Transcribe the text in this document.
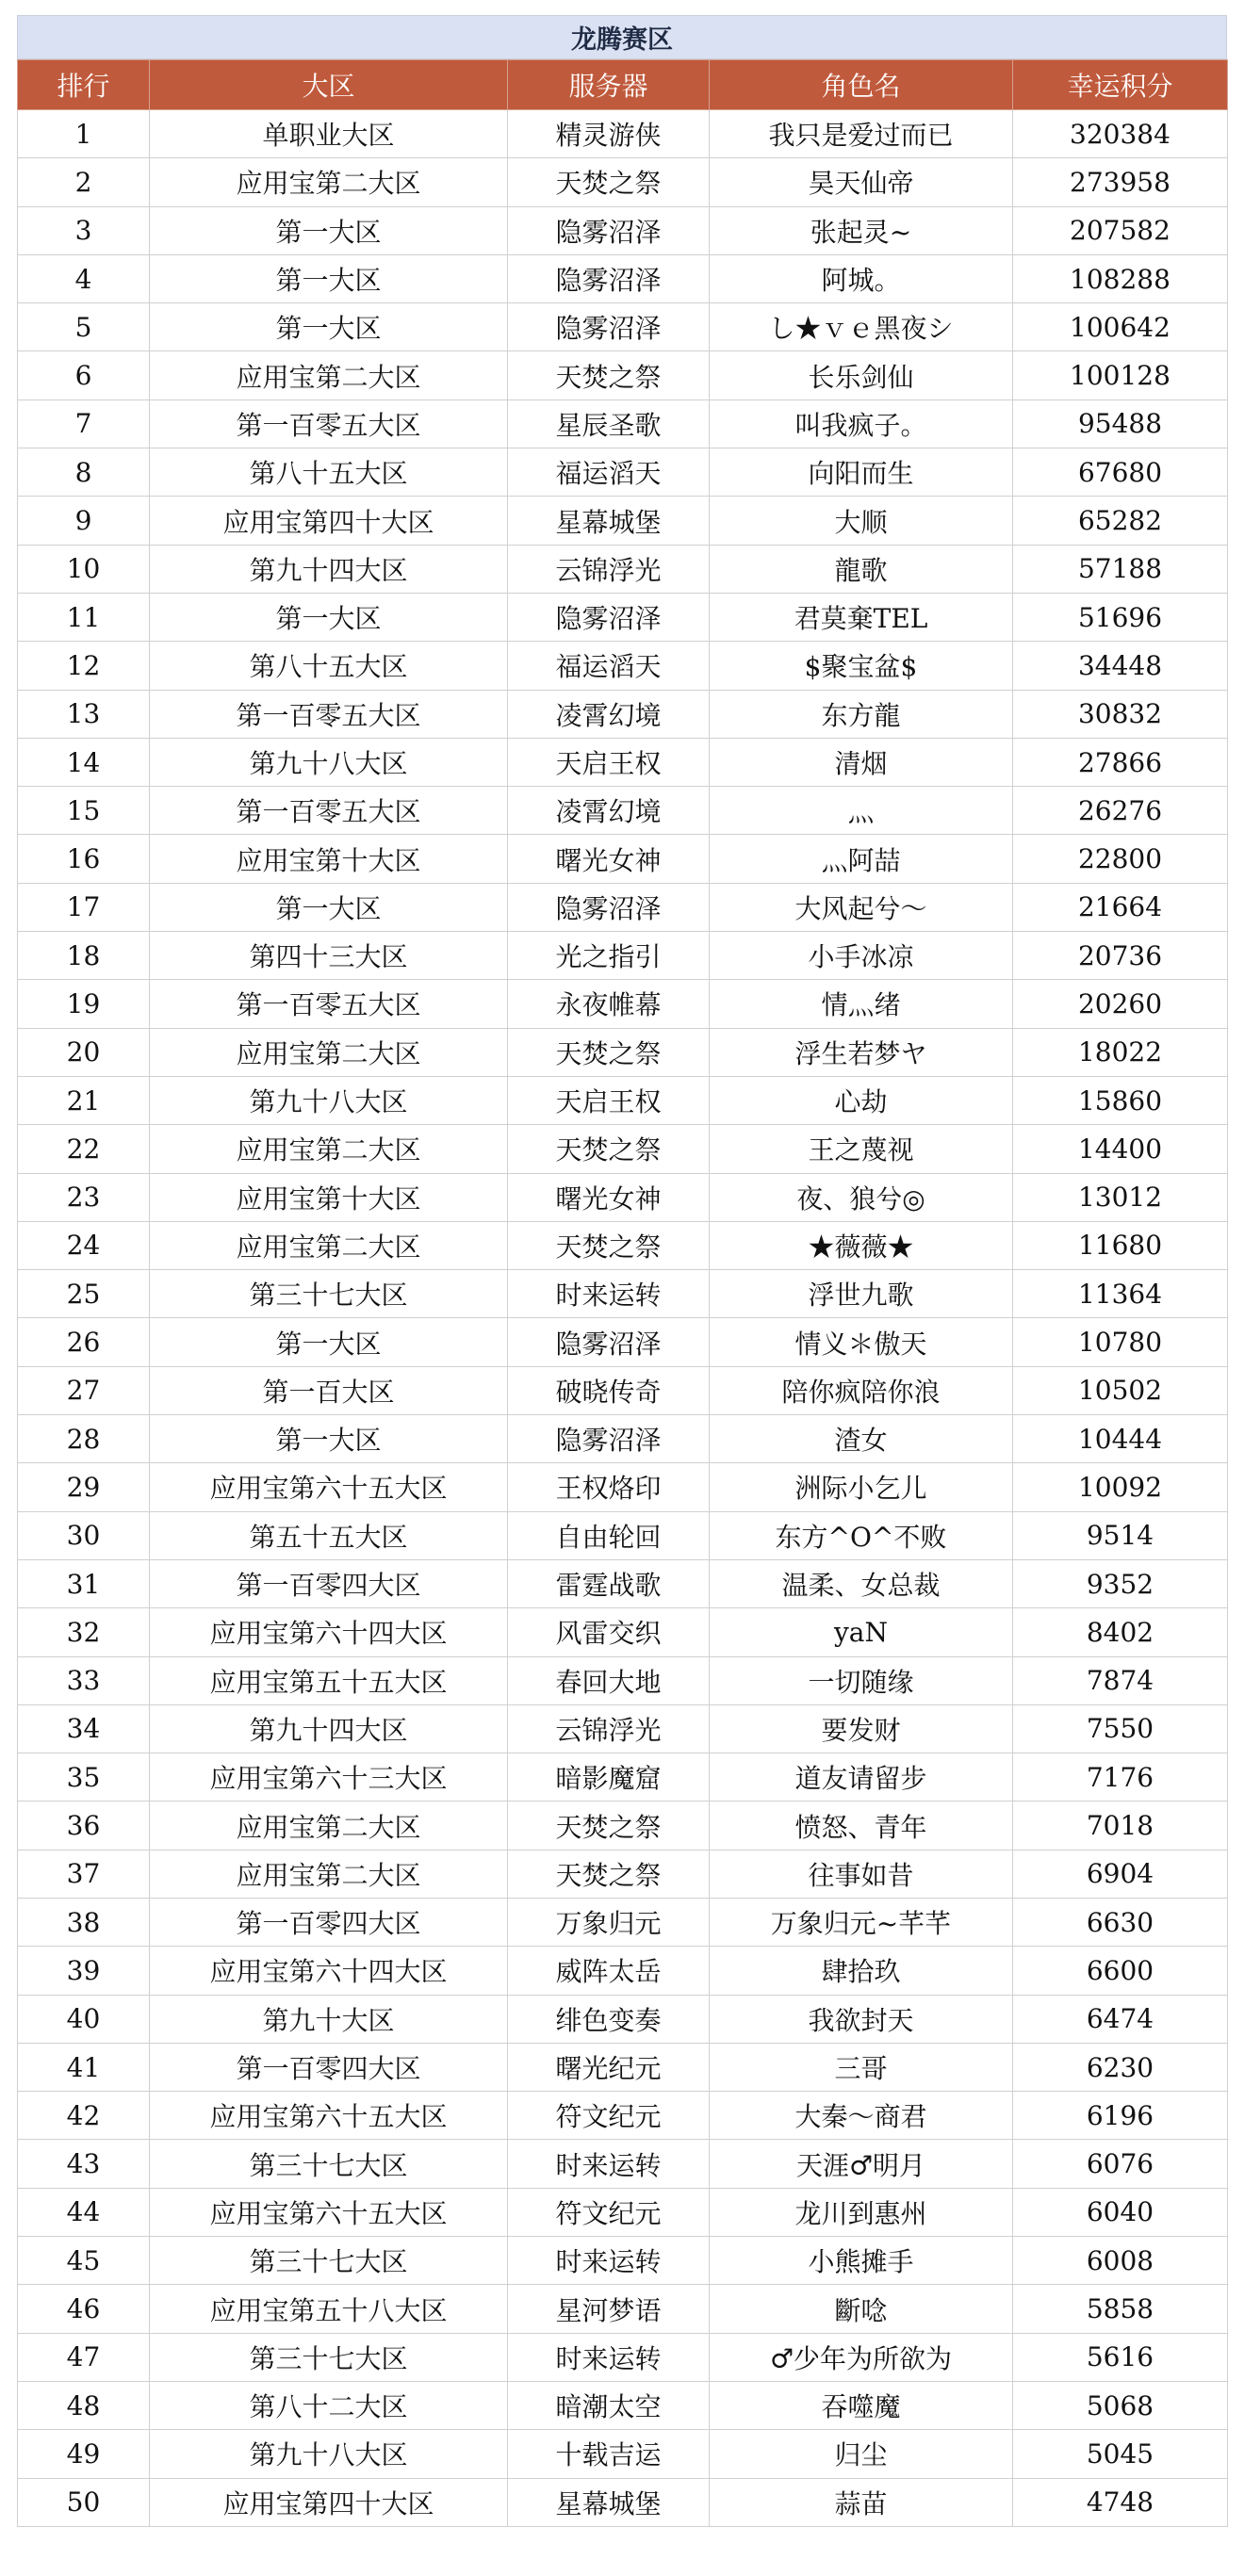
龙腾赛区
排行	大区	服务器	角色名	幸运积分
1	单职业大区	精灵游侠	我只是爱过而已	320384
2	应用宝第二大区	天焚之祭	昊天仙帝	273958
3	第一大区	隐雾沼泽	张起灵~	207582
4	第一大区	隐雾沼泽	阿城。	108288
5	第一大区	隐雾沼泽	し★ｖｅ黑夜シ	100642
6	应用宝第二大区	天焚之祭	长乐剑仙	100128
7	第一百零五大区	星辰圣歌	叫我疯子。	95488
8	第八十五大区	福运滔天	向阳而生	67680
9	应用宝第四十大区	星幕城堡	大顺	65282
10	第九十四大区	云锦浮光	龍歌	57188
11	第一大区	隐雾沼泽	君莫棄TEL	51696
12	第八十五大区	福运滔天	$聚宝盆$	34448
13	第一百零五大区	凌霄幻境	东方龍	30832
14	第九十八大区	天启王权	清烟	27866
15	第一百零五大区	凌霄幻境	灬	26276
16	应用宝第十大区	曙光女神	灬阿喆	22800
17	第一大区	隐雾沼泽	大风起兮～	21664
18	第四十三大区	光之指引	小手冰凉	20736
19	第一百零五大区	永夜帷幕	情灬绪	20260
20	应用宝第二大区	天焚之祭	浮生若梦ヤ	18022
21	第九十八大区	天启王权	心劫	15860
22	应用宝第二大区	天焚之祭	王之蔑视	14400
23	应用宝第十大区	曙光女神	夜、狼兮◎	13012
24	应用宝第二大区	天焚之祭	★薇薇★	11680
25	第三十七大区	时来运转	浮世九歌	11364
26	第一大区	隐雾沼泽	情义＊傲天	10780
27	第一百大区	破晓传奇	陪你疯陪你浪	10502
28	第一大区	隐雾沼泽	渣女	10444
29	应用宝第六十五大区	王权烙印	洲际小乞儿	10092
30	第五十五大区	自由轮回	东方^O^不败	9514
31	第一百零四大区	雷霆战歌	温柔、女总裁	9352
32	应用宝第六十四大区	风雷交织	yaN	8402
33	应用宝第五十五大区	春回大地	一切随缘	7874
34	第九十四大区	云锦浮光	要发财	7550
35	应用宝第六十三大区	暗影魔窟	道友请留步	7176
36	应用宝第二大区	天焚之祭	愤怒、青年	7018
37	应用宝第二大区	天焚之祭	往事如昔	6904
38	第一百零四大区	万象归元	万象归元~芊芊	6630
39	应用宝第六十四大区	威阵太岳	肆拾玖	6600
40	第九十大区	绯色变奏	我欲封天	6474
41	第一百零四大区	曙光纪元	三哥	6230
42	应用宝第六十五大区	符文纪元	大秦～商君	6196
43	第三十七大区	时来运转	天涯♂明月	6076
44	应用宝第六十五大区	符文纪元	龙川到惠州	6040
45	第三十七大区	时来运转	小熊摊手	6008
46	应用宝第五十八大区	星河梦语	斷唸	5858
47	第三十七大区	时来运转	♂少年为所欲为	5616
48	第八十二大区	暗潮太空	吞噬魔	5068
49	第九十八大区	十载吉运	归尘	5045
50	应用宝第四十大区	星幕城堡	蒜苗	4748
